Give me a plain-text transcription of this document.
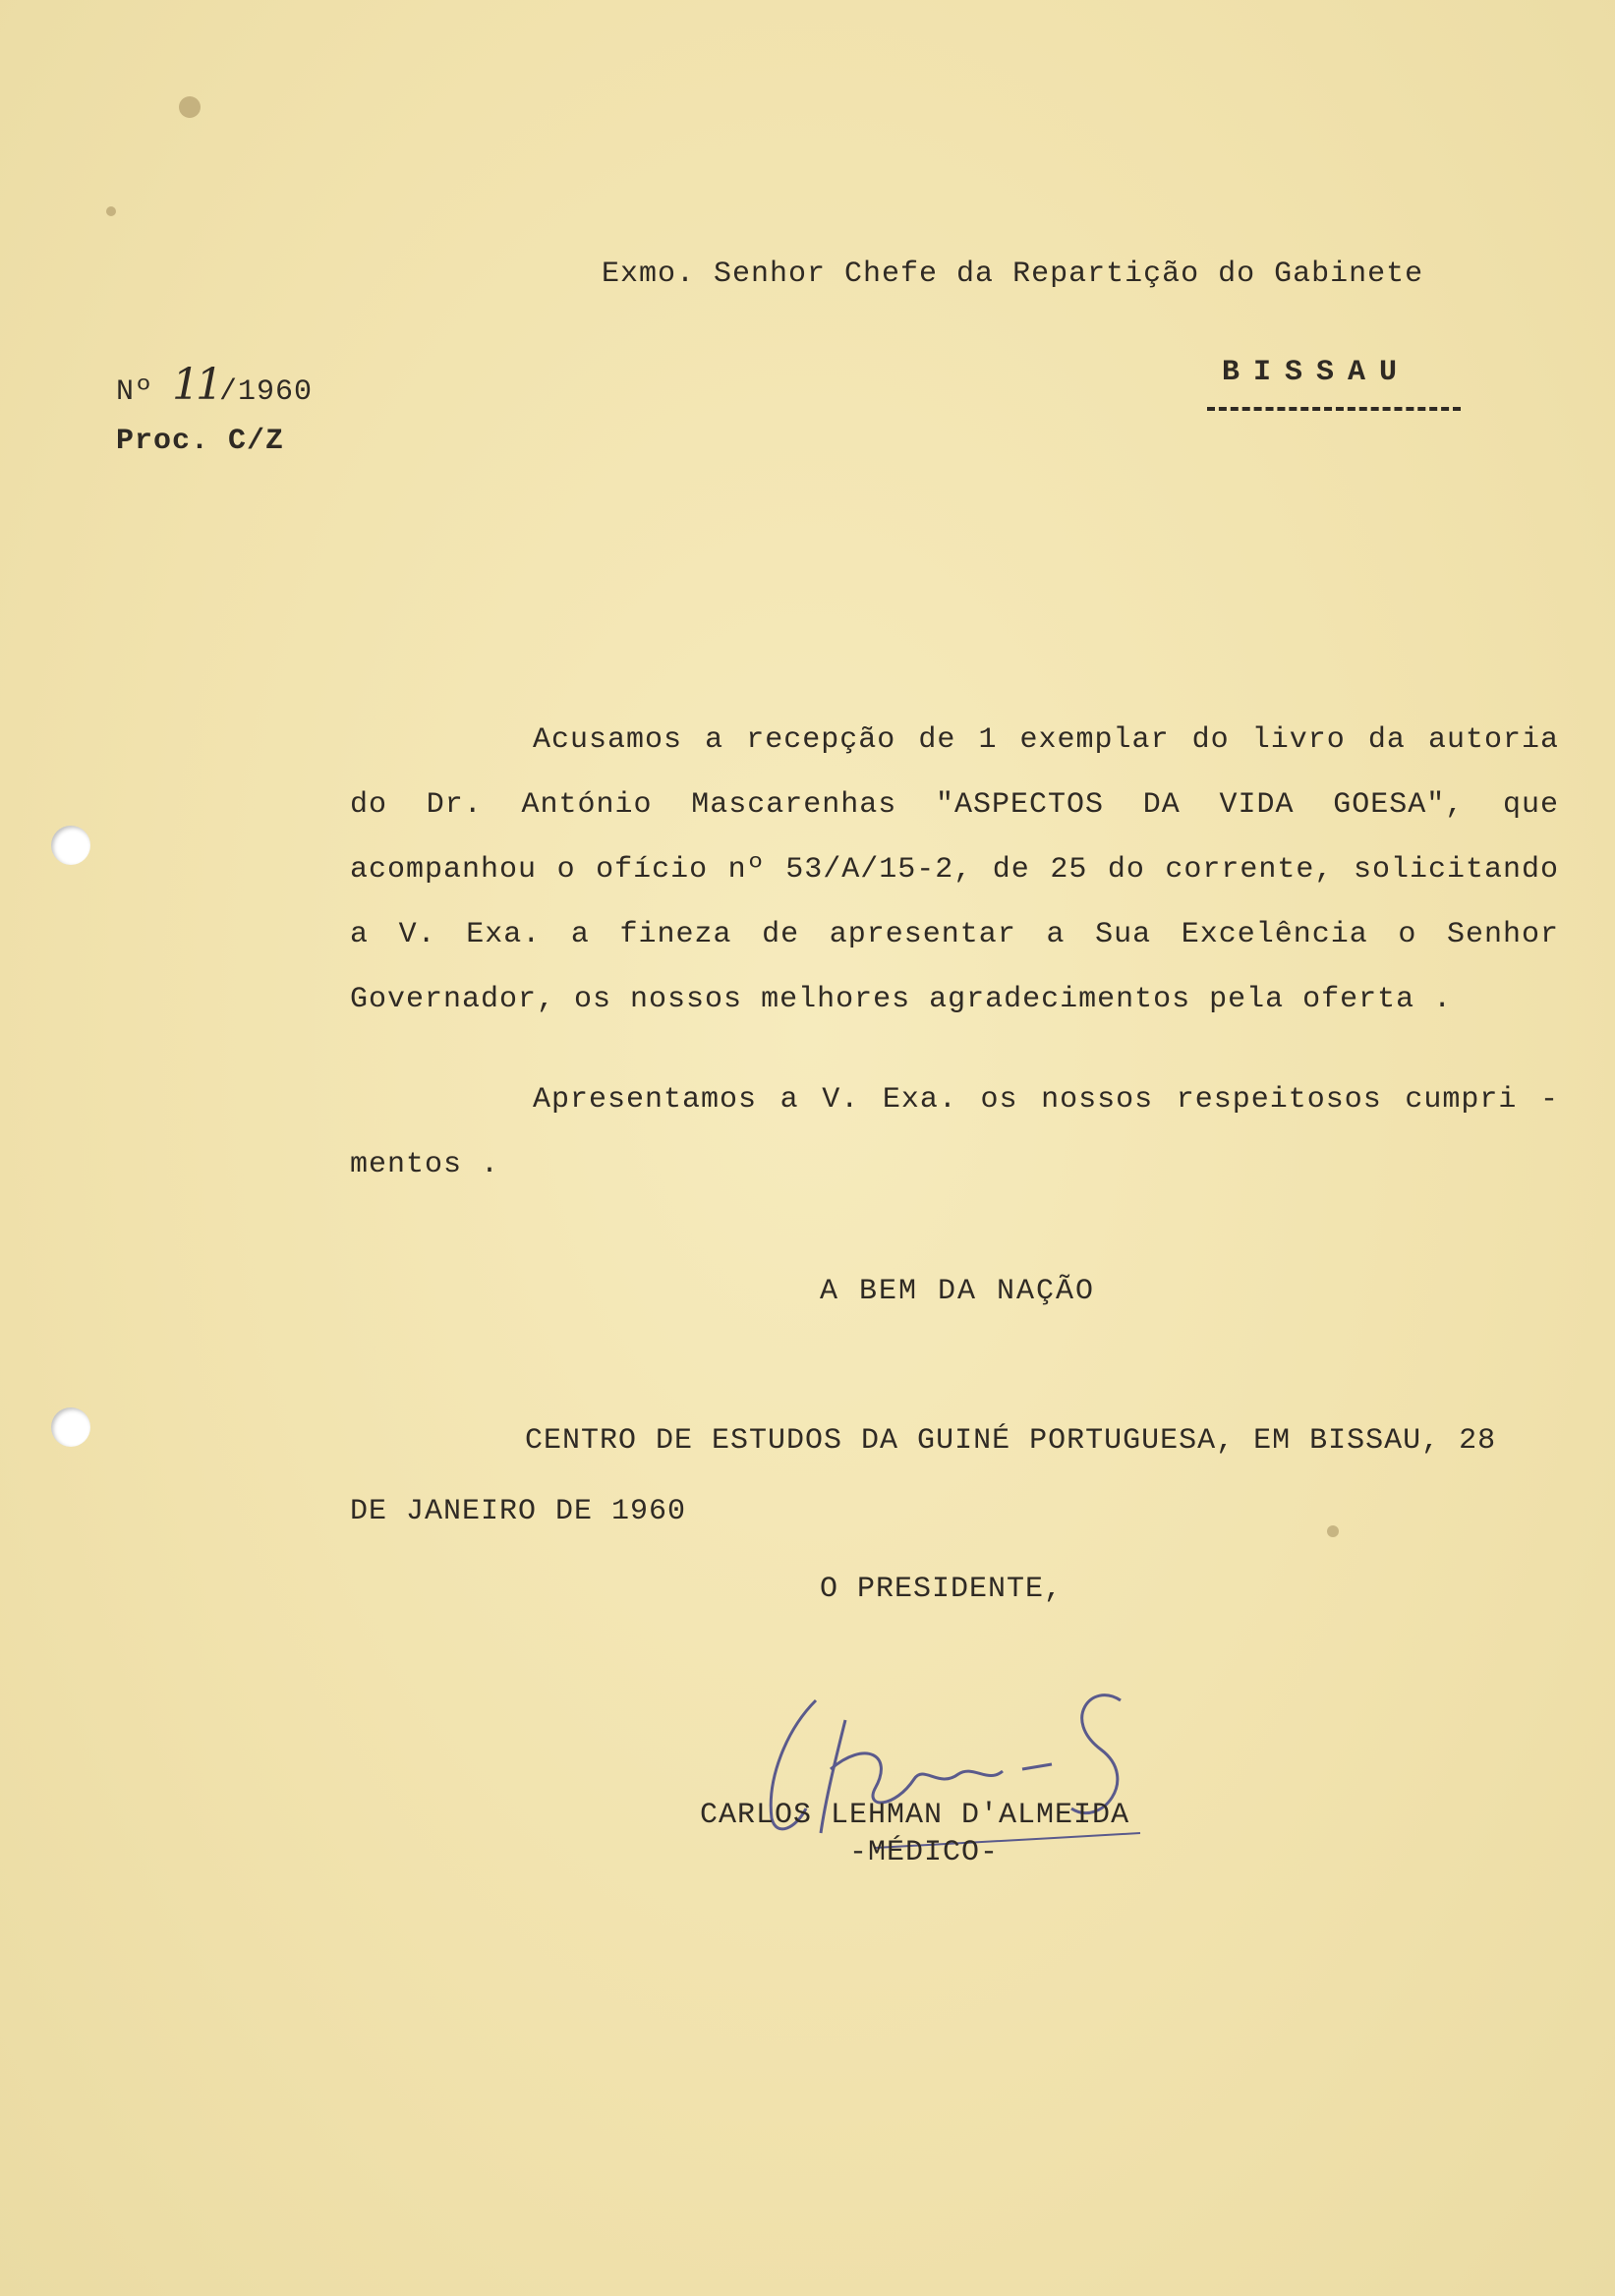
Exmo. Senhor Chefe da Repartição do Gabinete
BISSAU
Nº 11/1960
Proc. C/Z
Acusamos a recepção de 1 exemplar do livro da autoria do Dr. António Mascarenhas "ASPECTOS DA VIDA GOESA", que acompanhou o ofício nº 53/A/15-2, de 25 do corrente, solicitando a V. Exa. a fineza de apresentar a Sua Excelência o Senhor Governador, os nossos melhores agradecimentos pela oferta .
Apresentamos a V. Exa. os nossos respeitosos cumpri - mentos .
A BEM DA NAÇÃO
CENTRO DE ESTUDOS DA GUINÉ PORTUGUESA, EM BISSAU, 28
DE JANEIRO DE 1960
O PRESIDENTE,
CARLOS LEHMAN D'ALMEIDA
-MÉDICO-
